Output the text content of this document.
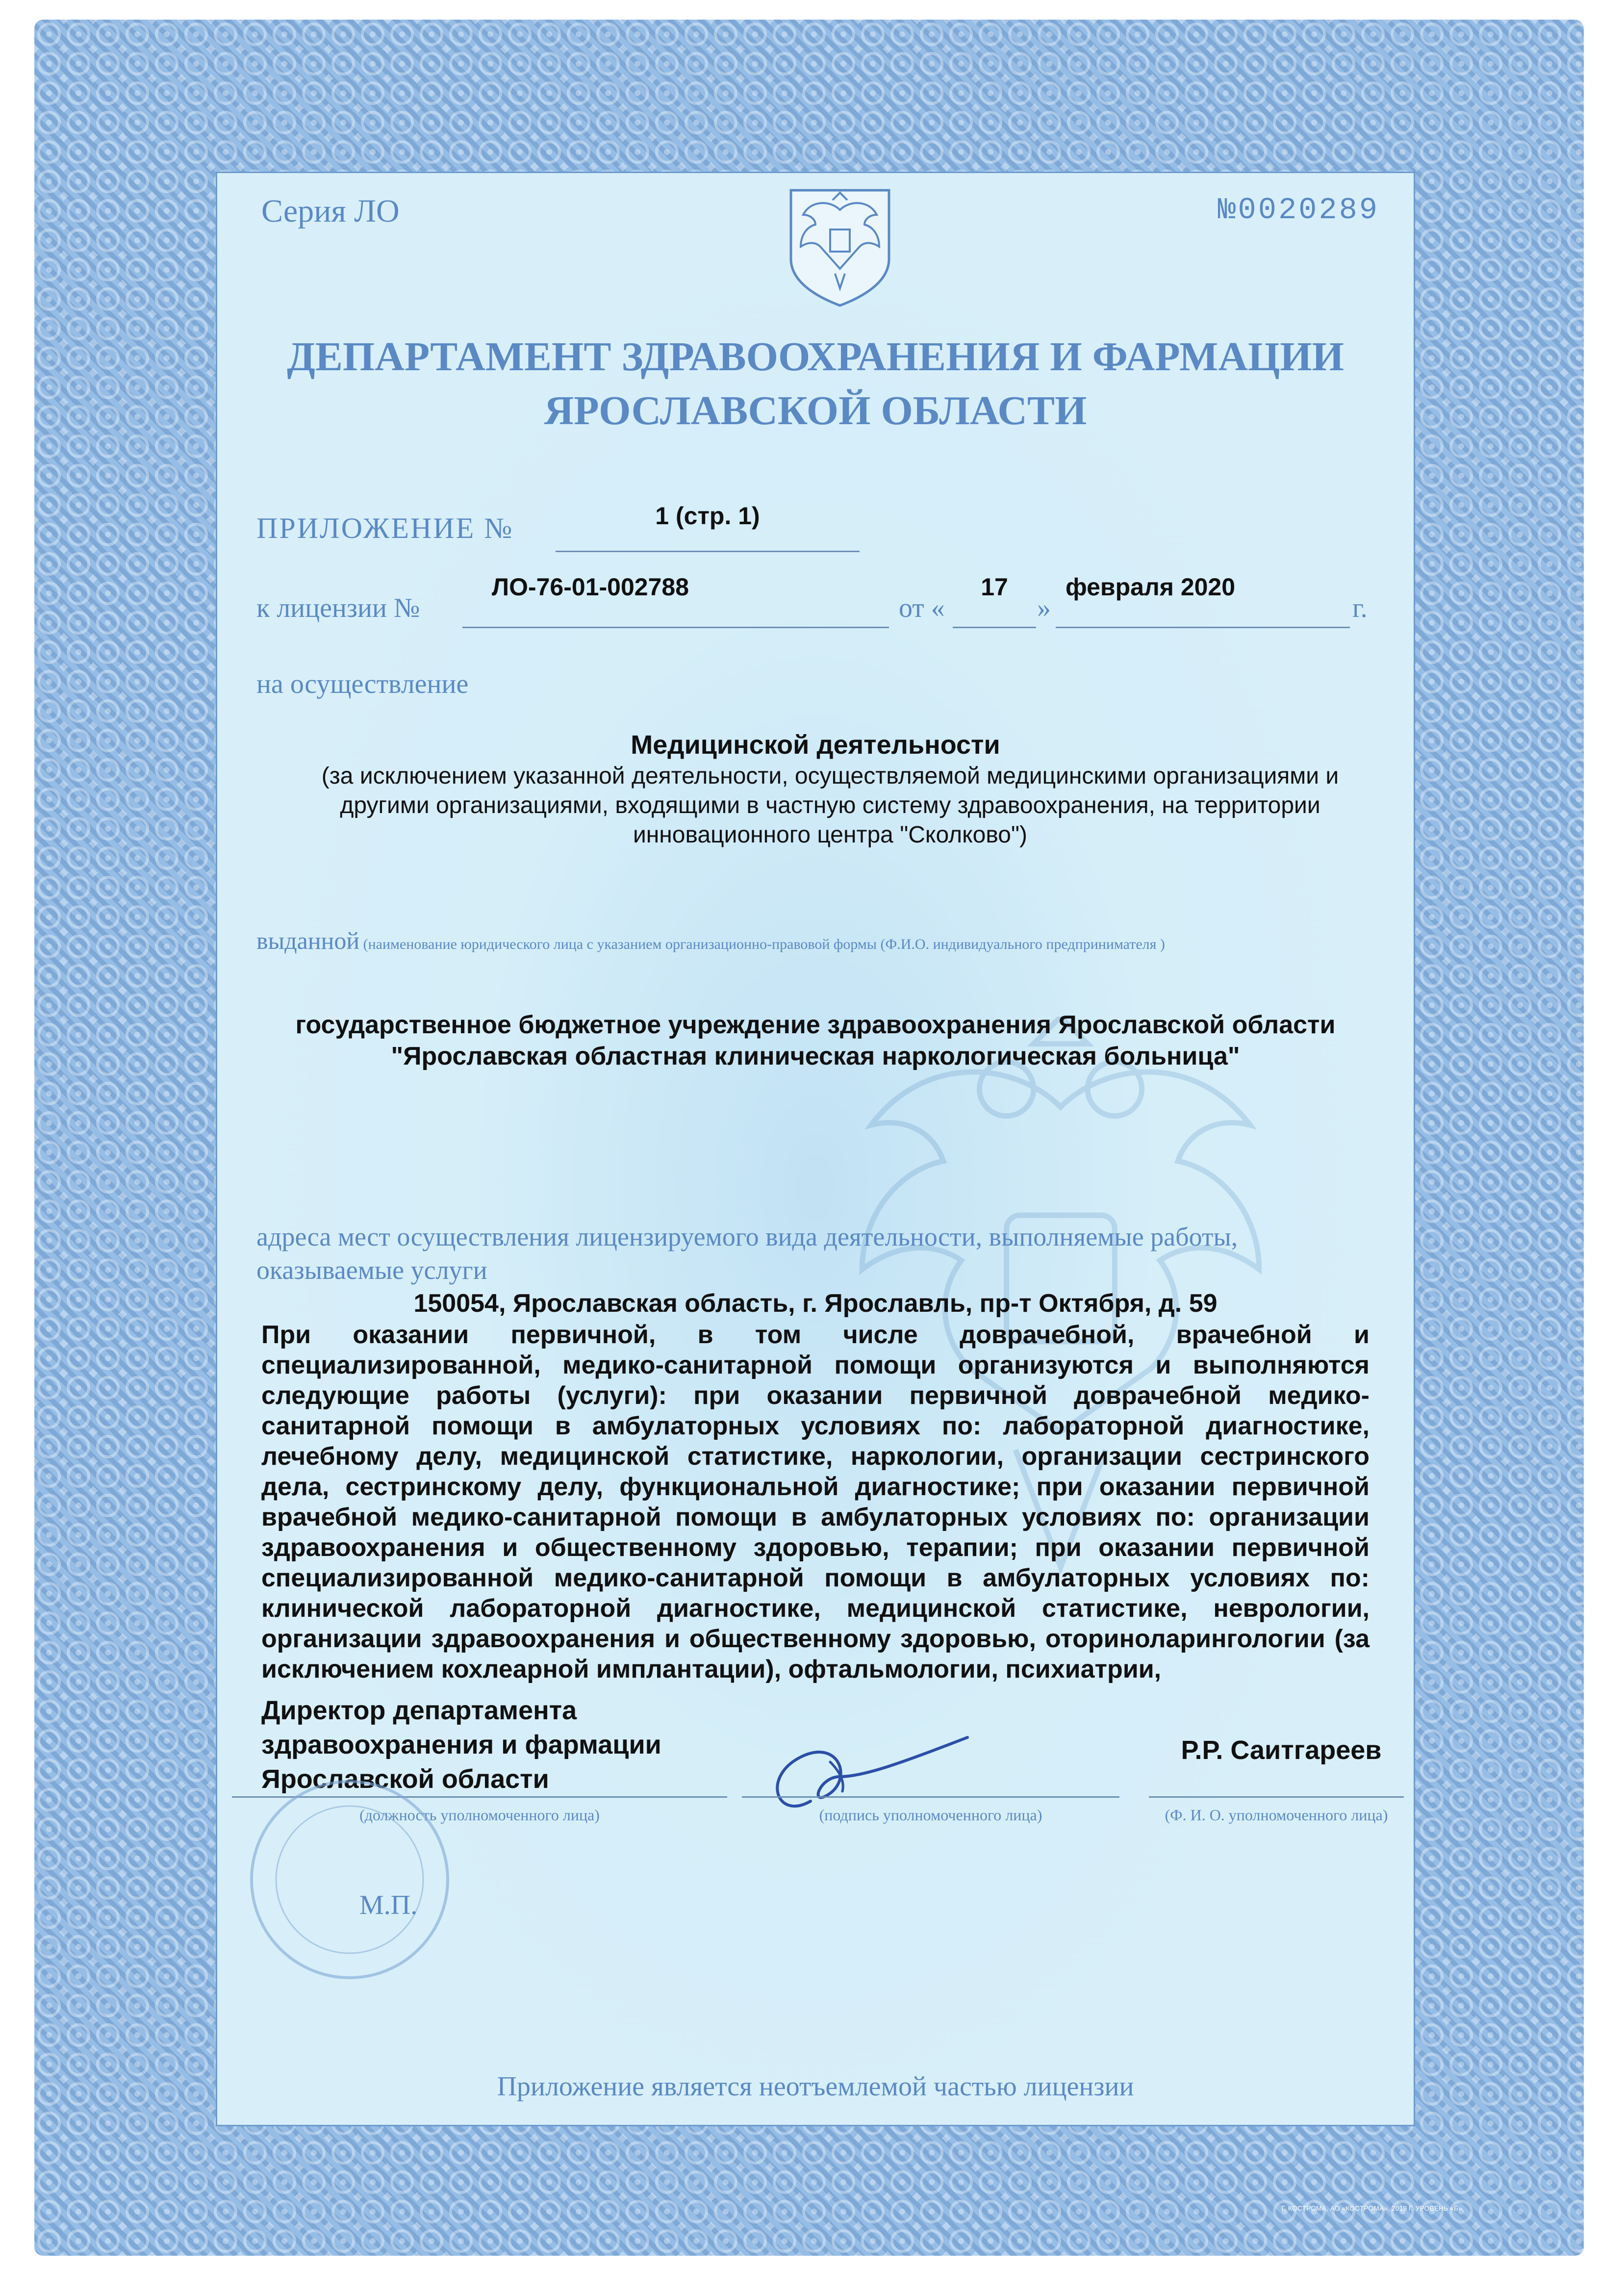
Серия ЛО	№0020289
ДЕПАРТАМЕНТ ЗДРАВООХРАНЕНИЯ И ФАРМАЦИИ
ЯРОСЛАВСКОЙ ОБЛАСТИ
ПРИЛОЖЕНИЕ №	1 (стр. 1)
к лицензии №
ЛО-76-01-002788
от «
17
»
февраля 2020
г.
на осуществление
Медицинской деятельности
(за исключением указанной деятельности, осуществляемой медицинскими организациями и другими организациями, входящими в частную систему здравоохранения, на территории инновационного центра "Сколково")
выданной (наименование юридического лица с указанием организационно-правовой формы (Ф.И.О. индивидуального предпринимателя )
государственное бюджетное учреждение здравоохранения Ярославской области
"Ярославская областная клиническая наркологическая больница"
адреса мест осуществления лицензируемого вида деятельности, выполняемые работы, оказываемые услуги
150054, Ярославская область, г. Ярославль, пр-т Октября, д. 59
При оказании первичной, в том числе доврачебной, врачебной и специализированной, медико-санитарной помощи организуются и выполняются следующие работы (услуги): при оказании первичной доврачебной медико-санитарной помощи в амбулаторных условиях по: лабораторной диагностике, лечебному делу, медицинской статистике, наркологии, организации сестринского дела, сестринскому делу, функциональной диагностике; при оказании первичной врачебной медико-санитарной помощи в амбулаторных условиях по: организации здравоохранения и общественному здоровью, терапии; при оказании первичной специализированной медико-санитарной помощи в амбулаторных условиях по: клинической лабораторной диагностике, медицинской статистике, неврологии, организации здравоохранения и общественному здоровью, оториноларингологии (за исключением кохлеарной имплантации), офтальмологии, психиатрии,
Директор департамента
здравоохранения и фармации
Ярославской области
(должность уполномоченного лица)	(подпись уполномоченного лица)
Р.Р. Саитгареев
(Ф. И. О. уполномоченного лица)
М.П.
Приложение является неотъемлемой частью лицензии
Г. КОСТРОМА, АО «КОСТРОМА», 2019 Г. УРОВЕНЬ «Б»
